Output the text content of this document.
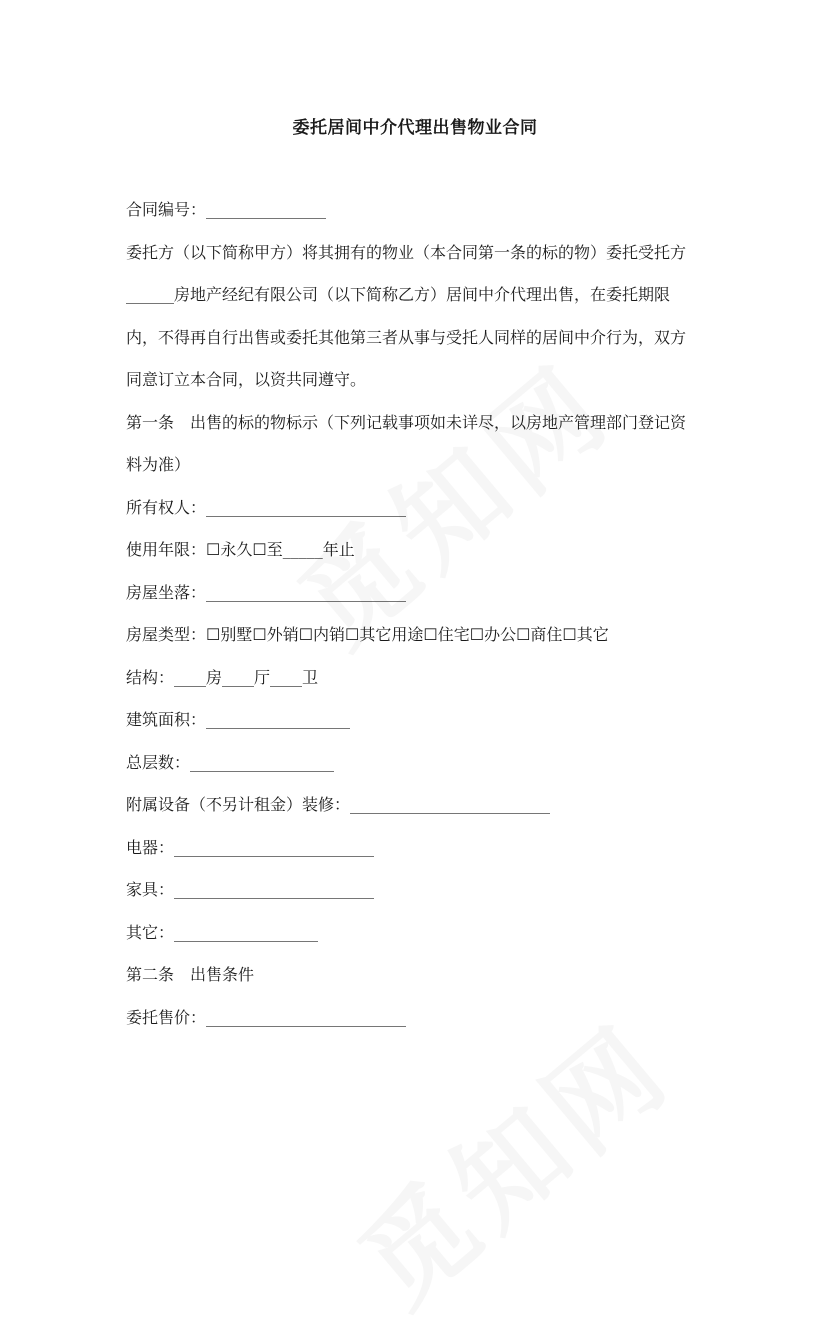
委托居间中介代理出售物业合同
合同编号：_______________
委托方（以下简称甲方）将其拥有的物业（本合同第一条的标的物）委托受托方
______房地产经纪有限公司（以下简称乙方）居间中介代理出售，在委托期限
内，不得再自行出售或委托其他第三者从事与受托人同样的居间中介行为，双方
同意订立本合同，以资共同遵守。
第一条　出售的标的物标示（下列记载事项如未详尽，以房地产管理部门登记资
料为准）
所有权人：_________________________
使用年限：☐永久☐至_____年止
房屋坐落：_________________________
房屋类型：☐别墅☐外销☐内销☐其它用途☐住宅☐办公☐商住☐其它
结构：____房____厅____卫
建筑面积：__________________
总层数：__________________
附属设备（不另计租金）装修：_________________________
电器：_________________________
家具：_________________________
其它：__________________
第二条　出售条件
委托售价：_________________________
